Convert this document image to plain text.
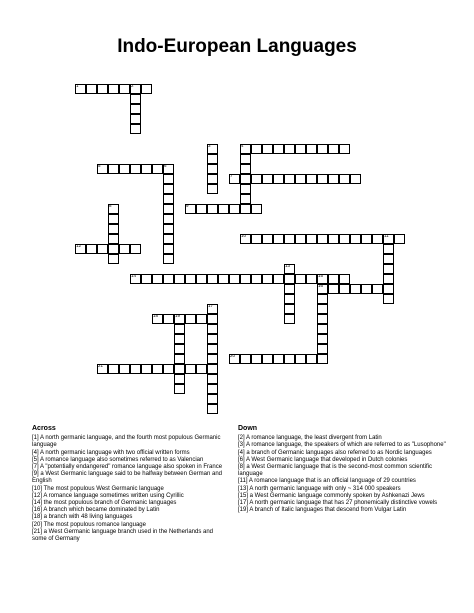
Indo-European Languages
1	2
3	4
5	6
7
8	9
10	11
12
13
14	15
16
17
18	19
20
21
Across
[1] A north germanic language, and the fourth most populous Germanic language
[4] A north germanic language with two official written forms
[5] A romance language also sometimes referred to as Valencian
[7] A "potentially endangered" romance language also spoken in France
[9] a West Germanic language said to be halfway between German and English
[10] The most populous West Germanic language
[12] A romance language sometimes written using Cyrillic
[14] the most populous branch of Germanic languages
[16] A branch which became dominated by Latin
[18] a branch with 48 living languages
[20] The most populous romance language
[21] a West Germanic language branch used in the Netherlands and some of Germany
Down
[2] A romance language, the least divergent from Latin
[3] A romance language, the speakers of which are referred to as "Lusophone"
[4] a branch of Germanic languages also referred to as Nordic languages
[6] A West Germanic language that developed in Dutch colonies
[8] a West Germanic language that is the second-most common scientific language
[11] A romance language that is an official language of 29 countries
[13] A north germanic language with only ~ 314 000 speakers
[15] a West Germanic language commonly spoken by Ashkenazi Jews
[17] A north germanic language that has 27 phonemically distinctive vowels
[19] A branch of Italic languages that descend from Vulgar Latin
